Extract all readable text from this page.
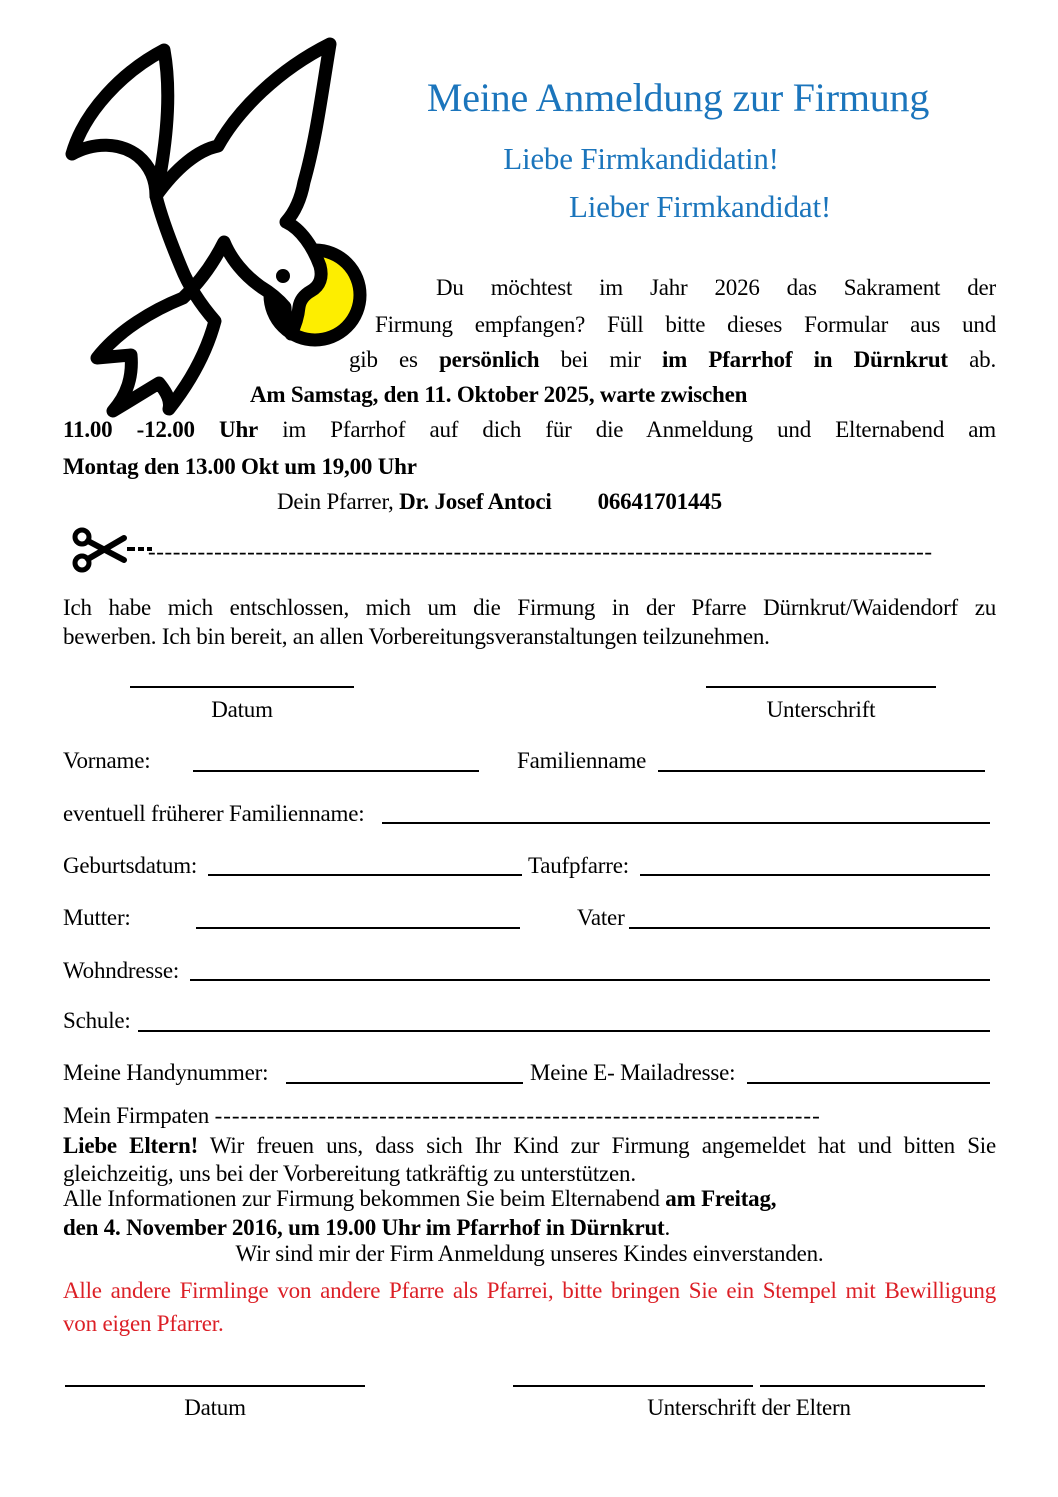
Meine Anmeldung zur Firmung
Liebe Firmkandidatin!
Lieber Firmkandidat!
Du möchtest im Jahr 2026 das Sakrament der
Firmung empfangen? Füll bitte dieses Formular aus und
gib es persönlich bei mir im Pfarrhof in Dürnkrut ab.
Am Samstag, den 11. Oktober 2025, warte zwischen
11.00 -12.00 Uhr im Pfarrhof auf dich für die Anmeldung und Elternabend am
Montag den 13.00 Okt um 19,00 Uhr
Dein Pfarrer, Dr. Josef Antoci 06641701445
-----------------------------------------------------------------------------------------------
Ich habe mich entschlossen, mich um die Firmung in der Pfarre Dürnkrut/Waidendorf zu
bewerben. Ich bin bereit, an allen Vorbereitungsveranstaltungen teilzunehmen.
Datum	Unterschrift
Vorname:	Familienname
eventuell früherer Familienname:
Geburtsdatum:	Taufpfarre:
Mutter:	Vater
Wohndresse:
Schule:
Meine Handynummer:	Meine E- Mailadresse:
Mein Firmpaten ----------------------------------------------------------------------
Liebe Eltern! Wir freuen uns, dass sich Ihr Kind zur Firmung angemeldet hat und bitten Sie
gleichzeitig, uns bei der Vorbereitung tatkräftig zu unterstützen.
Alle Informationen zur Firmung bekommen Sie beim Elternabend am Freitag,
den 4. November 2016, um 19.00 Uhr im Pfarrhof in Dürnkrut.
Wir sind mir der Firm Anmeldung unseres Kindes einverstanden.
Alle andere Firmlinge von andere Pfarre als Pfarrei, bitte bringen Sie ein Stempel mit Bewilligung
von eigen Pfarrer.
Datum	Unterschrift der Eltern
